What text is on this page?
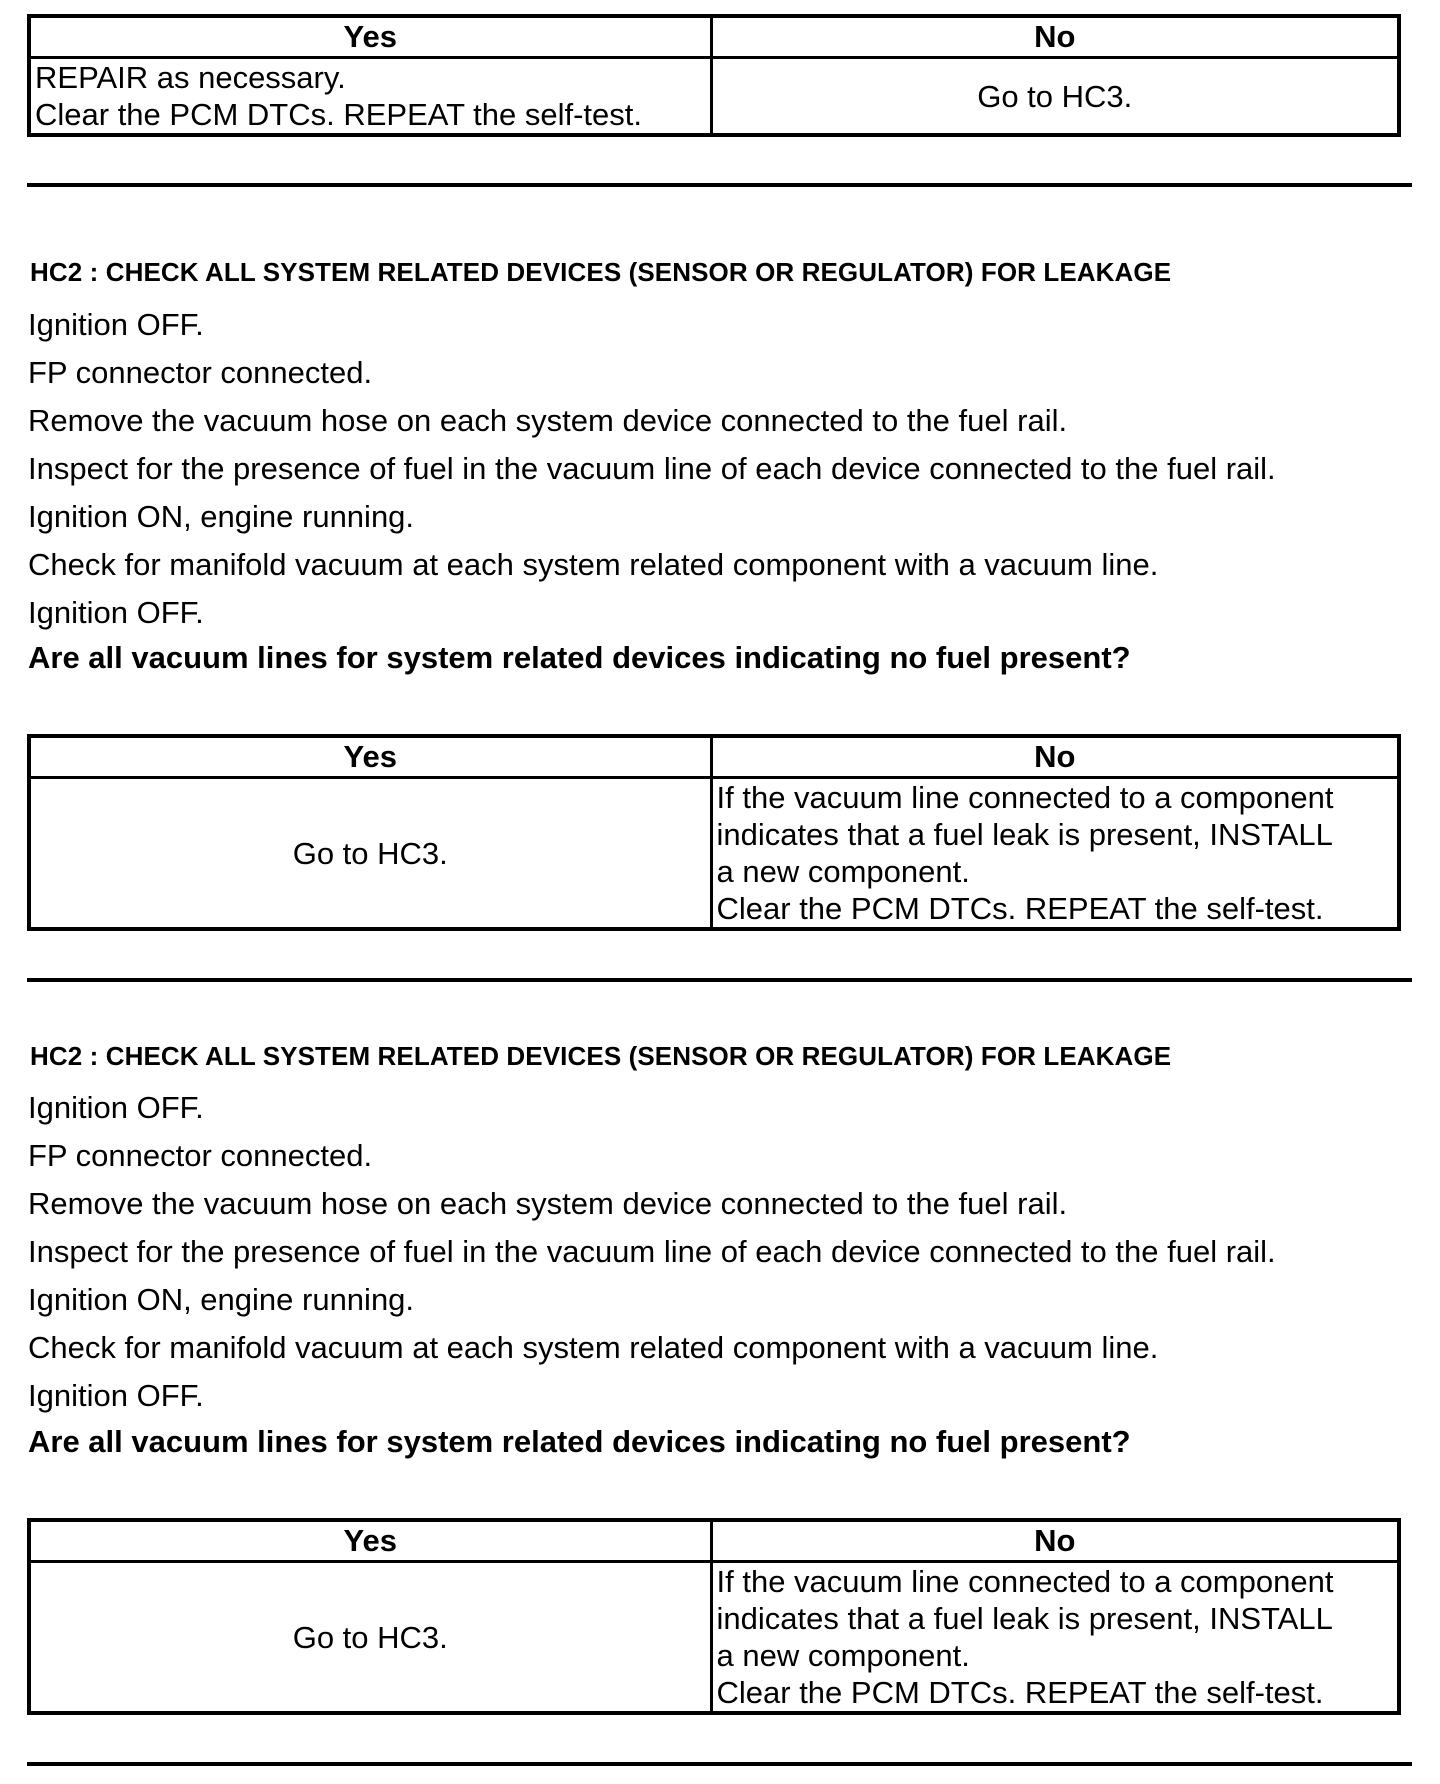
Yes	No

REPAIR as necessary.
Clear the PCM DTCs. REPEAT the self-test.	Go to HC3.
HC2 : CHECK ALL SYSTEM RELATED DEVICES (SENSOR OR REGULATOR) FOR LEAKAGE
Ignition OFF.
FP connector connected.
Remove the vacuum hose on each system device connected to the fuel rail.
Inspect for the presence of fuel in the vacuum line of each device connected to the fuel rail.
Ignition ON, engine running.
Check for manifold vacuum at each system related component with a vacuum line.
Ignition OFF.
Are all vacuum lines for system related devices indicating no fuel present?
Yes	No
Go to HC3.	If the vacuum line connected to a component
indicates that a fuel leak is present, INSTALL
a new component.
Clear the PCM DTCs. REPEAT the self-test.
HC2 : CHECK ALL SYSTEM RELATED DEVICES (SENSOR OR REGULATOR) FOR LEAKAGE
Ignition OFF.
FP connector connected.
Remove the vacuum hose on each system device connected to the fuel rail.
Inspect for the presence of fuel in the vacuum line of each device connected to the fuel rail.
Ignition ON, engine running.
Check for manifold vacuum at each system related component with a vacuum line.
Ignition OFF.
Are all vacuum lines for system related devices indicating no fuel present?
Yes	No
Go to HC3.	If the vacuum line connected to a component
indicates that a fuel leak is present, INSTALL
a new component.
Clear the PCM DTCs. REPEAT the self-test.
